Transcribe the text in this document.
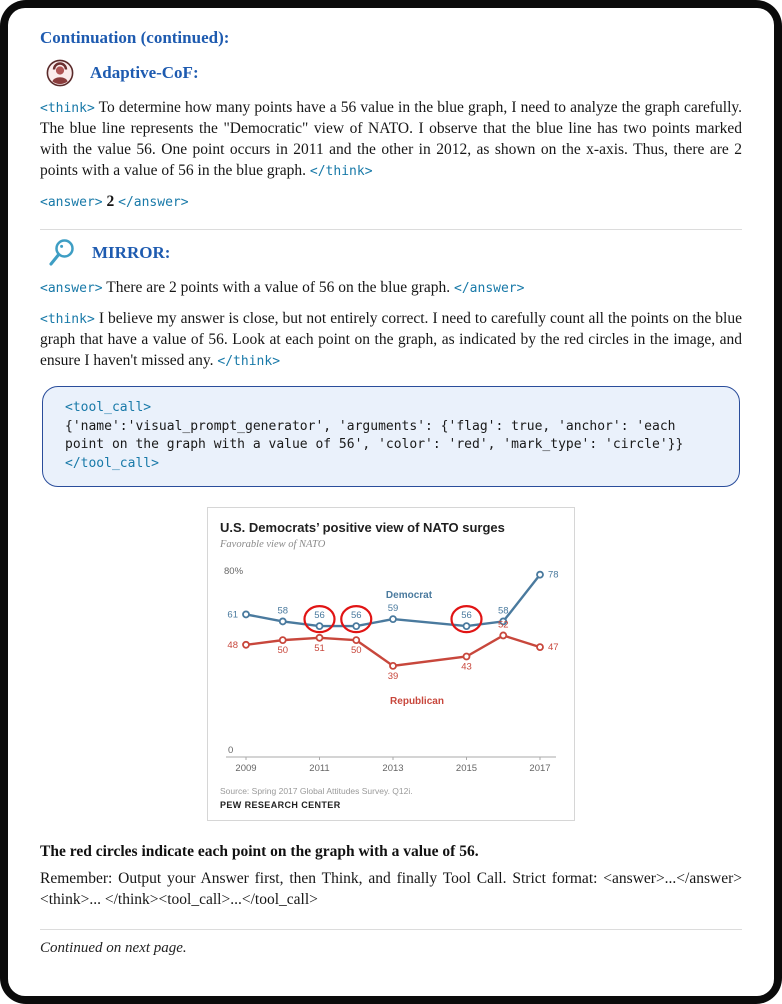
Continuation (continued):
Adaptive-CoF:

<think> To determine how many points have a 56 value in the blue graph, I need to analyze the graph carefully. The blue line represents the "Democratic" view of NATO. I observe that the blue line has two points marked with the value 56. One point occurs in 2011 and the other in 2012, as shown on the x-axis. Thus, there are 2 points with a value of 56 in the blue graph. </think>

<answer> 2 </answer>

MIRROR:

<answer> There are 2 points with a value of 56 on the blue graph. </answer>

<think> I believe my answer is close, but not entirely correct. I need to carefully count all the points on the blue graph that have a value of 56. Look at each point on the graph, as indicated by the red circles in the image, and ensure I haven't missed any. </think>

<tool_call>
{'name':'visual_prompt_generator', 'arguments': {'flag': true, 'anchor': 'each point on the graph with a value of 56', 'color': 'red', 'mark_type': 'circle'}}
</tool_call>
U.S. Democrats’ positive view of NATO surges
Favorable view of NATO
80%
0
2009	2011	2013	2015	2017
61	58	56	56
59
56	58
78
48	50	51	50
39
43
52
47
Democrat
Republican
Source: Spring 2017 Global Attitudes Survey. Q12i.
PEW RESEARCH CENTER

The red circles indicate each point on the graph with a value of 56.

Remember: Output your Answer first, then Think, and finally Tool Call. Strict format: <answer>...</answer> <think>... </think><tool_call>...</tool_call>

Continued on next page.
